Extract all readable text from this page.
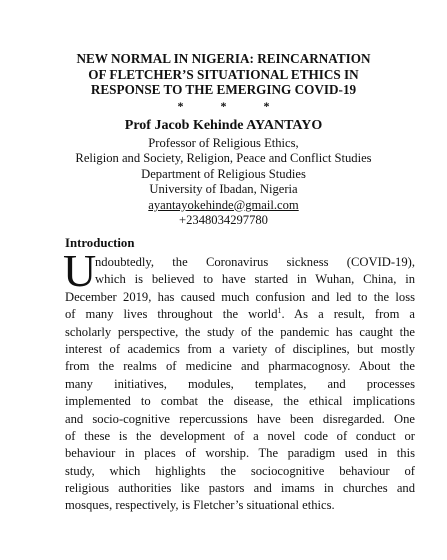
NEW NORMAL IN NIGERIA: REINCARNATION
OF FLETCHER’S SITUATIONAL ETHICS IN
RESPONSE TO THE EMERGING COVID-19
*	*	*
Prof Jacob Kehinde AYANTAYO
Professor of Religious Ethics,
Religion and Society, Religion, Peace and Conflict Studies
Department of Religious Studies
University of Ibadan, Nigeria
ayantayokehinde@gmail.com
+2348034297780
Introduction
U
ndoubtedly, the Coronavirus sickness (COVID-19),
which is believed to have started in Wuhan, China, in
December 2019, has caused much confusion and led to the loss
of many lives throughout the world$^1$. As a result, from a
scholarly perspective, the study of the pandemic has caught the
interest of academics from a variety of disciplines, but mostly
from the realms of medicine and pharmacognosy. About the
many initiatives, modules, templates, and processes
implemented to combat the disease, the ethical implications
and socio-cognitive repercussions have been disregarded. One
of these is the development of a novel code of conduct or
behaviour in places of worship. The paradigm used in this
study, which highlights the sociocognitive behaviour of
religious authorities like pastors and imams in churches and
mosques, respectively, is Fletcher’s situational ethics.
